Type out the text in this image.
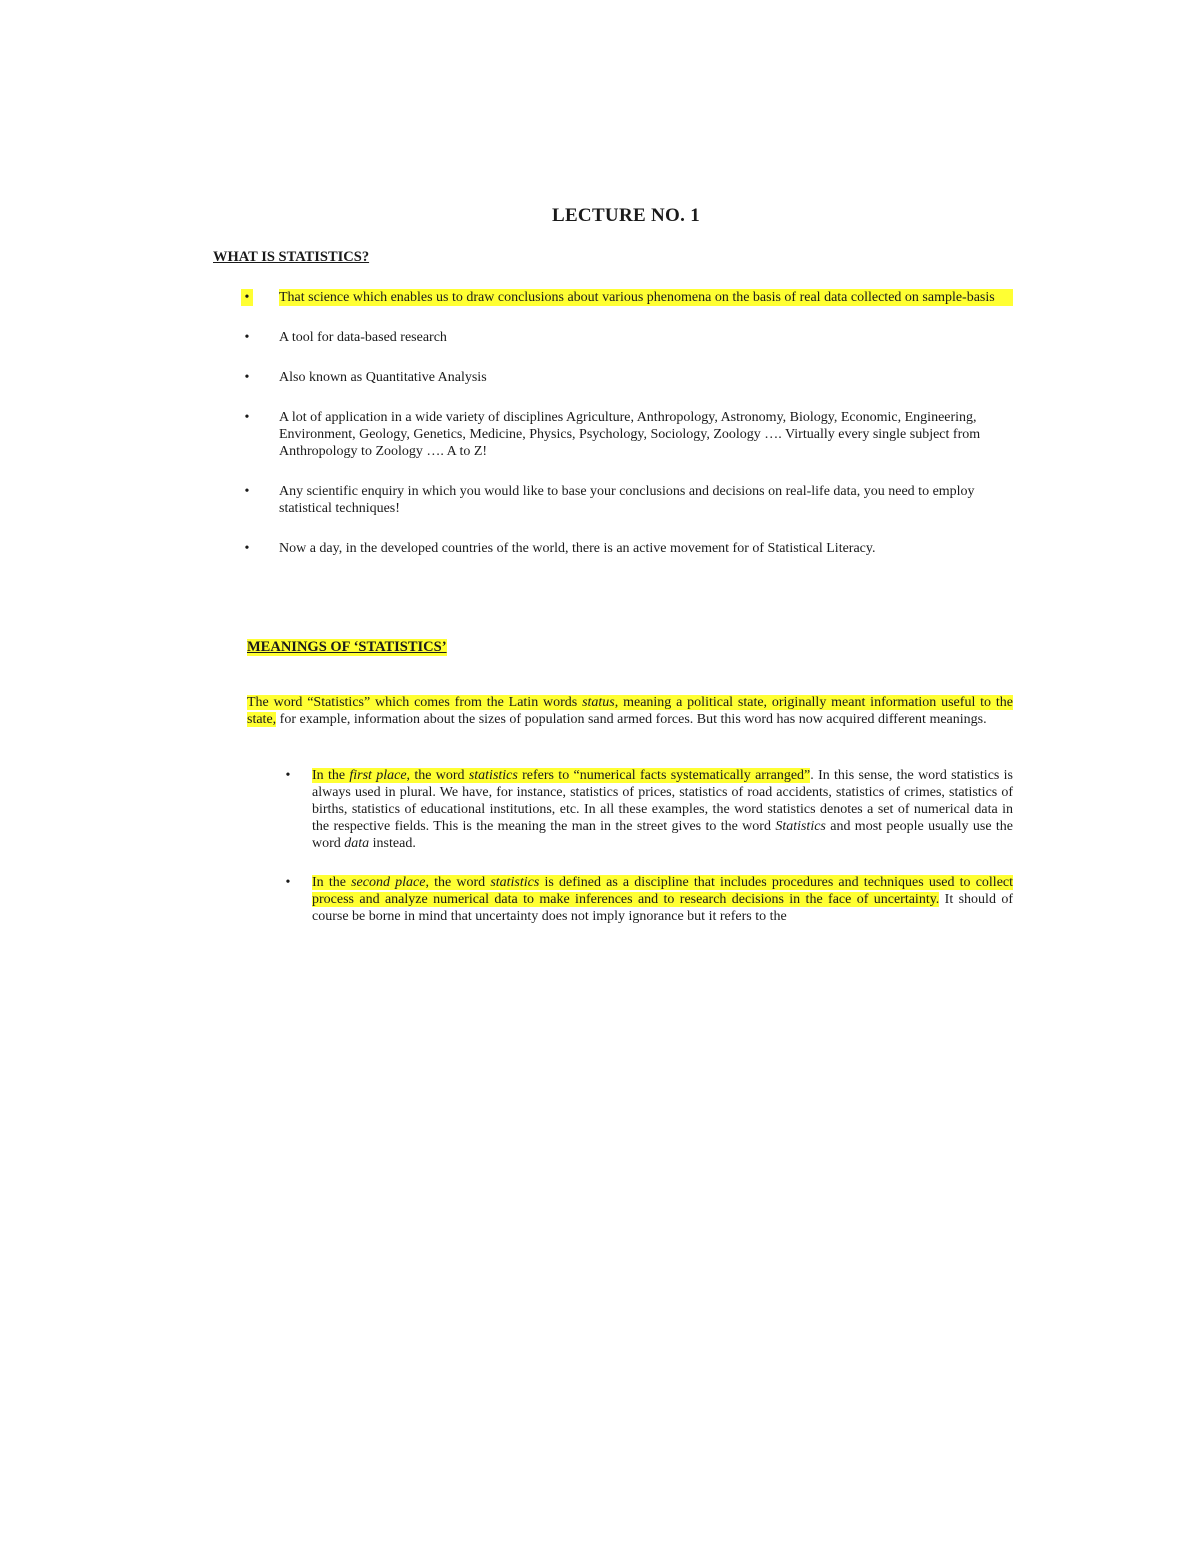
LECTURE NO. 1
WHAT IS STATISTICS?
• That science which enables us to draw conclusions about various phenomena on the basis of real data collected on sample-basis
• A tool for data-based research
• Also known as Quantitative Analysis
• A lot of application in a wide variety of disciplines Agriculture, Anthropology, Astronomy, Biology, Economic, Engineering, Environment, Geology, Genetics, Medicine, Physics, Psychology, Sociology, Zoology …. Virtually every single subject from Anthropology to Zoology …. A to Z!
• Any scientific enquiry in which you would like to base your conclusions and decisions on real-life data, you need to employ statistical techniques!
• Now a day, in the developed countries of the world, there is an active movement for of Statistical Literacy.
MEANINGS OF ‘STATISTICS’
The word “Statistics” which comes from the Latin words status, meaning a political state, originally meant information useful to the state, for example, information about the sizes of population sand armed forces. But this word has now acquired different meanings.
• In the first place, the word statistics refers to “numerical facts systematically arranged”. In this sense, the word statistics is always used in plural. We have, for instance, statistics of prices, statistics of road accidents, statistics of crimes, statistics of births, statistics of educational institutions, etc. In all these examples, the word statistics denotes a set of numerical data in the respective fields. This is the meaning the man in the street gives to the word Statistics and most people usually use the word data instead.
• In the second place, the word statistics is defined as a discipline that includes procedures and techniques used to collect process and analyze numerical data to make inferences and to research decisions in the face of uncertainty. It should of course be borne in mind that uncertainty does not imply ignorance but it refers to the
